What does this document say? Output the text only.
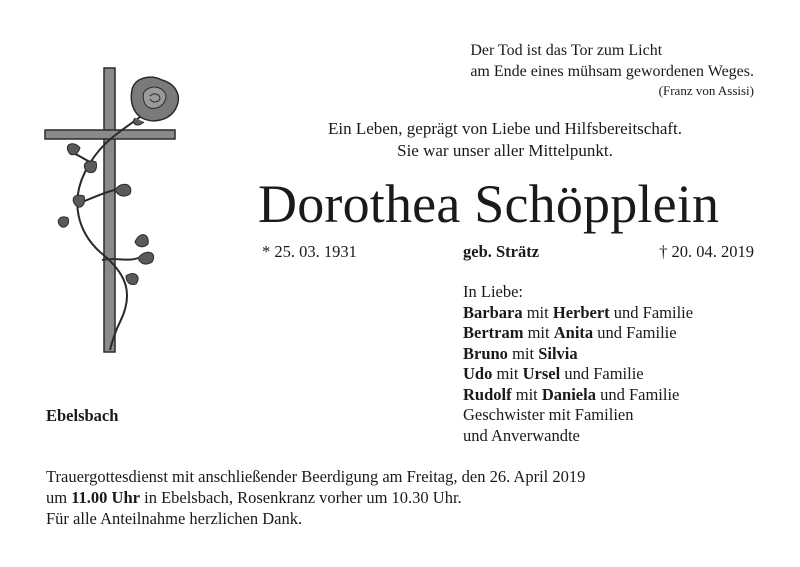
Der Tod ist das Tor zum Licht
am Ende eines mühsam gewordenen Weges.
(Franz von Assisi)
Ein Leben, geprägt von Liebe und Hilfsbereitschaft.
Sie war unser aller Mittelpunkt.
Dorothea Schöpplein
* 25. 03. 1931	geb. Strätz	† 20. 04. 2019
In Liebe:
Barbara mit Herbert und Familie
Bertram mit Anita und Familie
Bruno mit Silvia
Udo mit Ursel und Familie
Rudolf mit Daniela und Familie
Geschwister mit Familien
und Anverwandte
Ebelsbach
Trauergottesdienst mit anschließender Beerdigung am Freitag, den 26. April 2019
um 11.00 Uhr in Ebelsbach, Rosenkranz vorher um 10.30 Uhr.
Für alle Anteilnahme herzlichen Dank.
